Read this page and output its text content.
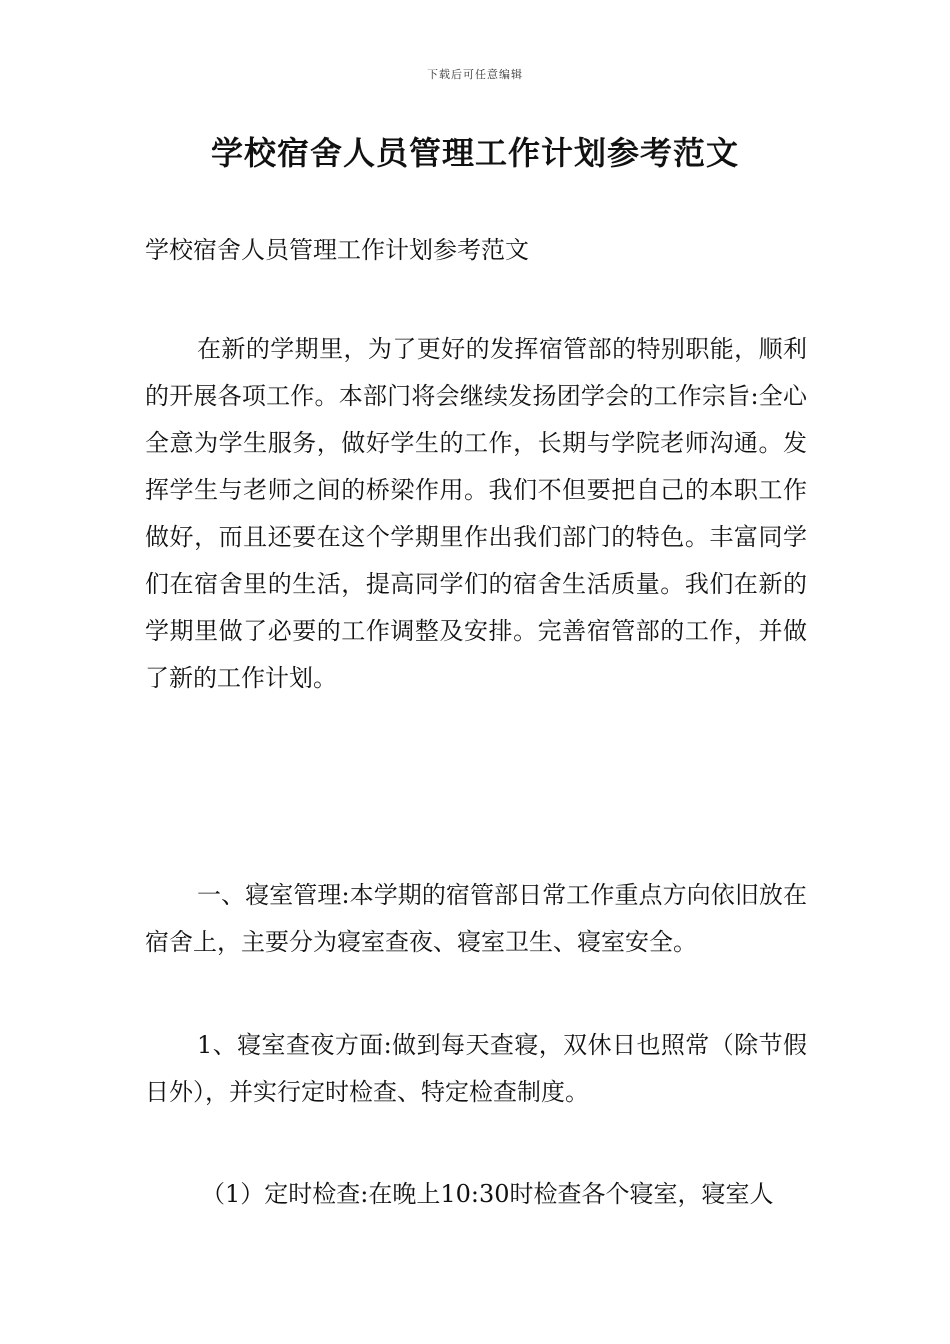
下载后可任意编辑
学校宿舍人员管理工作计划参考范文
学校宿舍人员管理工作计划参考范文

在新的学期里，为了更好的发挥宿管部的特别职能，顺利的开展各项工作。本部门将会继续发扬团学会的工作宗旨:全心全意为学生服务，做好学生的工作，长期与学院老师沟通。发挥学生与老师之间的桥梁作用。我们不但要把自己的本职工作做好，而且还要在这个学期里作出我们部门的特色。丰富同学们在宿舍里的生活，提高同学们的宿舍生活质量。我们在新的学期里做了必要的工作调整及安排。完善宿管部的工作，并做了新的工作计划。

一、寝室管理:本学期的宿管部日常工作重点方向依旧放在宿舍上，主要分为寝室查夜、寝室卫生、寝室安全。

1、寝室查夜方面:做到每天查寝，双休日也照常（除节假日外），并实行定时检查、特定检查制度。

（1）定时检查:在晚上10:30时检查各个寝室，寝室人
